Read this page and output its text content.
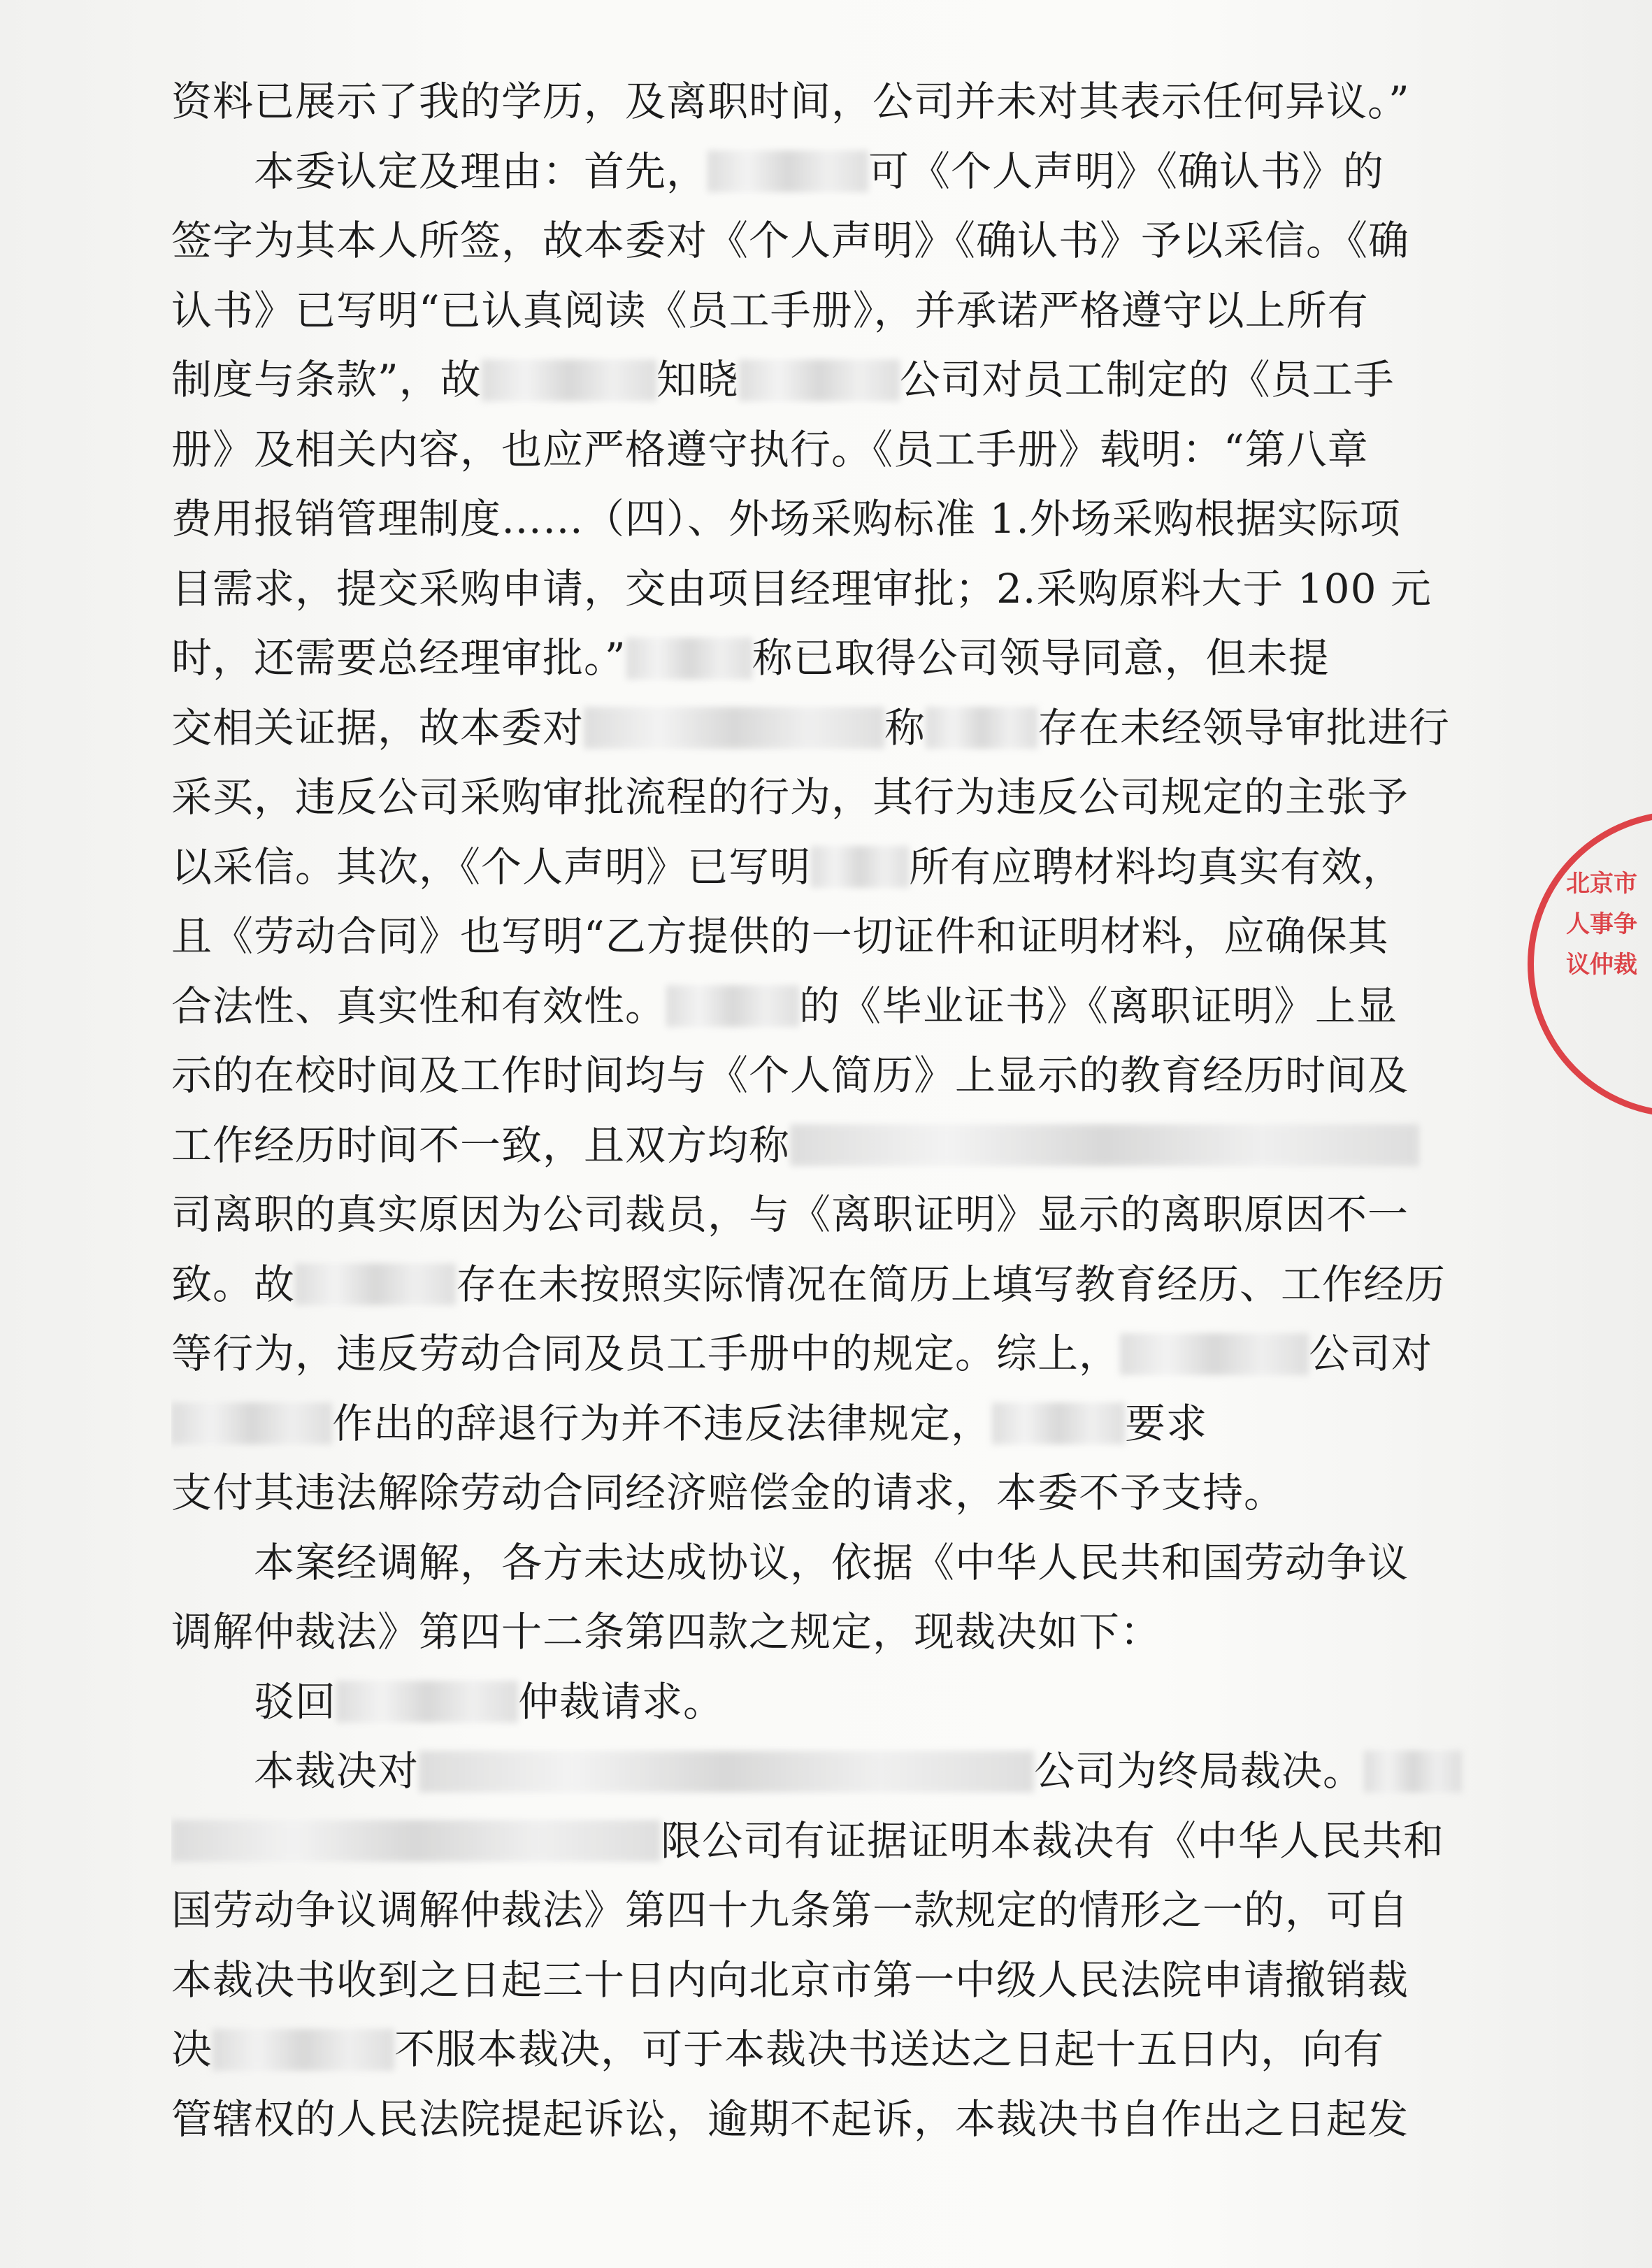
资料已展示了我的学历，及离职时间，公司并未对其表示任何异议。”
　　本委认定及理由：首先，	可《个人声明》《确认书》的
签字为其本人所签，故本委对《个人声明》《确认书》予以采信。《确
认书》已写明“已认真阅读《员工手册》，并承诺严格遵守以上所有
制度与条款”，故	知晓	公司对员工制定的《员工手
册》及相关内容，也应严格遵守执行。《员工手册》载明：“第八章
费用报销管理制度……（四）、外场采购标准 1.外场采购根据实际项
目需求，提交采购申请，交由项目经理审批；2.采购原料大于 100 元
时，还需要总经理审批。”	称已取得公司领导同意，但未提
交相关证据，故本委对	称	存在未经领导审批进行
采买，违反公司采购审批流程的行为，其行为违反公司规定的主张予
以采信。其次，《个人声明》已写明 所有应聘材料均真实有效，
且《劳动合同》也写明“乙方提供的一切证件和证明材料，应确保其
合法性、真实性和有效性。	的《毕业证书》《离职证明》上显
示的在校时间及工作时间均与《个人简历》上显示的教育经历时间及
工作经历时间不一致，且双方均称
司离职的真实原因为公司裁员，与《离职证明》显示的离职原因不一
致。故	存在未按照实际情况在简历上填写教育经历、工作经历
等行为，违反劳动合同及员工手册中的规定。综上，	公司对
作出的辞退行为并不违反法律规定，	要求
支付其违法解除劳动合同经济赔偿金的请求，本委不予支持。
　　本案经调解，各方未达成协议，依据《中华人民共和国劳动争议
调解仲裁法》第四十二条第四款之规定，现裁决如下：
　　驳回	仲裁请求。
　　本裁决对	公司为终局裁决。
限公司有证据证明本裁决有《中华人民共和
国劳动争议调解仲裁法》第四十九条第一款规定的情形之一的，可自
本裁决书收到之日起三十日内向北京市第一中级人民法院申请撤销裁
决	不服本裁决，可于本裁决书送达之日起十五日内，向有
管辖权的人民法院提起诉讼，逾期不起诉，本裁决书自作出之日起发
北京市人事争议仲裁
